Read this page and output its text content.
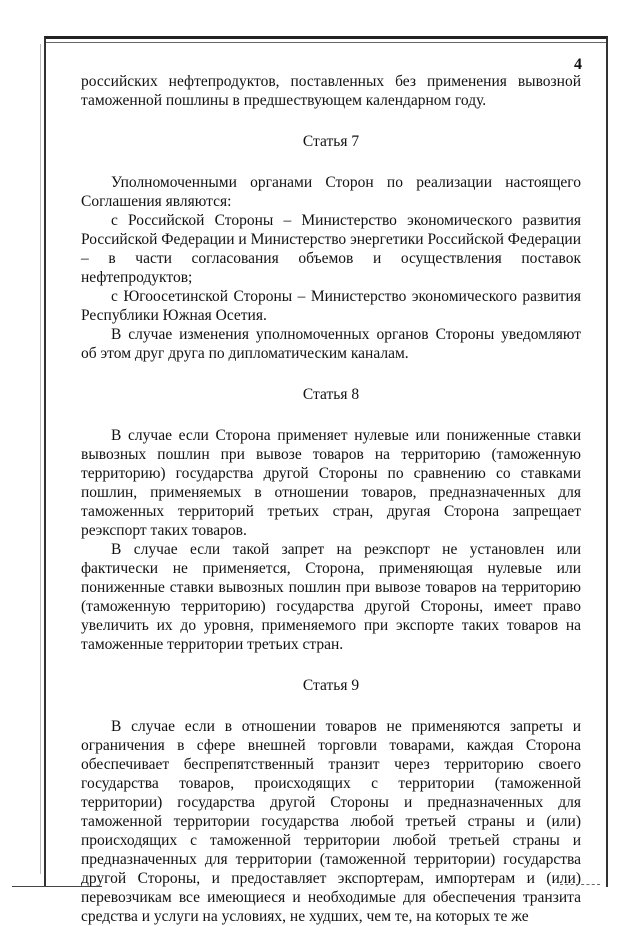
4

российских нефтепродуктов, поставленных без применения вывозной таможенной пошлины в предшествующем календарном году.

Статья 7

Уполномоченными органами Сторон по реализации настоящего Соглашения являются:

с Российской Стороны – Министерство экономического развития Российской Федерации и Министерство энергетики Российской Федерации – в части согласования объемов и осуществления поставок нефтепродуктов;

с Югоосетинской Стороны – Министерство экономического развития Республики Южная Осетия.

В случае изменения уполномоченных органов Стороны уведомляют об этом друг друга по дипломатическим каналам.

Статья 8

В случае если Сторона применяет нулевые или пониженные ставки вывозных пошлин при вывозе товаров на территорию (таможенную территорию) государства другой Стороны по сравнению со ставками пошлин, применяемых в отношении товаров, предназначенных для таможенных территорий третьих стран, другая Сторона запрещает реэкспорт таких товаров.

В случае если такой запрет на реэкспорт не установлен или фактически не применяется, Сторона, применяющая нулевые или пониженные ставки вывозных пошлин при вывозе товаров на территорию (таможенную территорию) государства другой Стороны, имеет право увеличить их до уровня, применяемого при экспорте таких товаров на таможенные территории третьих стран.

Статья 9

В случае если в отношении товаров не применяются запреты и ограничения в сфере внешней торговли товарами, каждая Сторона обеспечивает беспрепятственный транзит через территорию своего государства товаров, происходящих с территории (таможенной территории) государства другой Стороны и предназначенных для таможенной территории государства любой третьей страны и (или) происходящих с таможенной территории любой третьей страны и предназначенных для территории (таможенной территории) государства другой Стороны, и предоставляет экспортерам, импортерам и (или) перевозчикам все имеющиеся и необходимые для обеспечения транзита средства и услуги на условиях, не худших, чем те, на которых те же
